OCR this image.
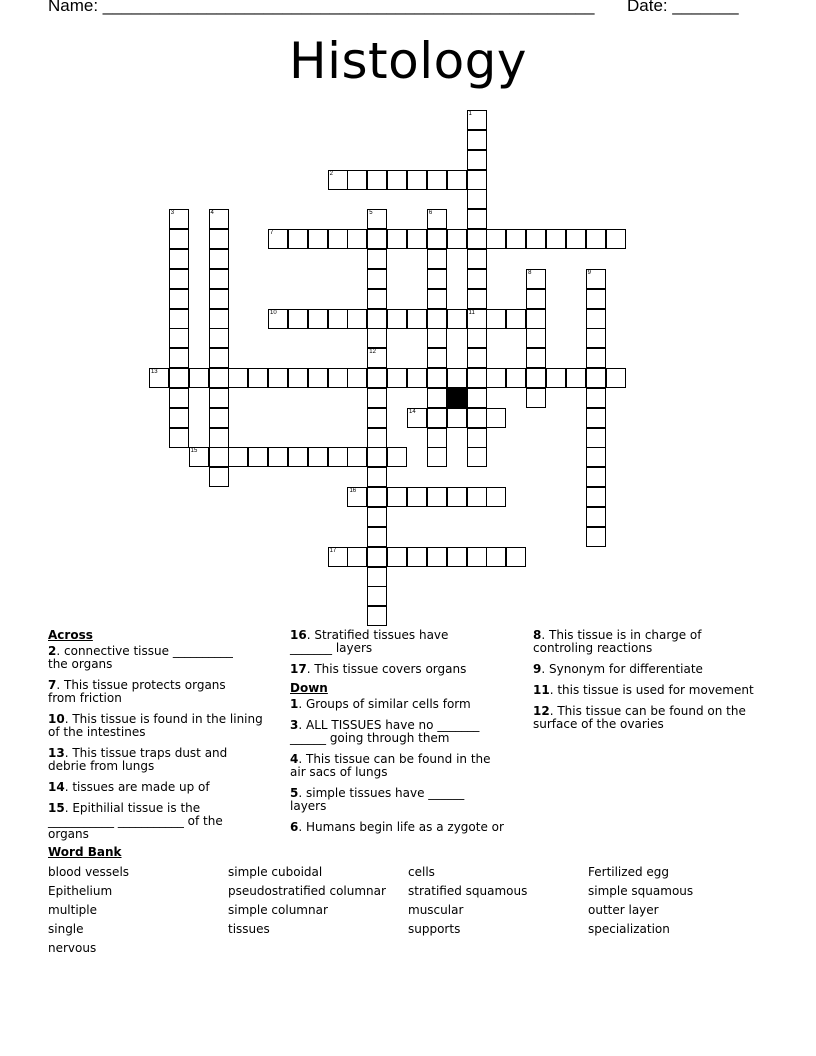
Name: ____________________________________________________ Date: _______
Histology
1
2
3	4	5	6
7
8	9
10	11
12
13
14
15
16
17
Across
2. connective tissue __________
the organs
7. This tissue protects organs
from friction
10. This tissue is found in the lining
of the intestines
13. This tissue traps dust and
debrie from lungs
14. tissues are made up of
15. Epithilial tissue is the
___________ ___________ of the
organs
16. Stratified tissues have
_______ layers
17. This tissue covers organs
Down
1. Groups of similar cells form
3. ALL TISSUES have no _______
______ going through them
4. This tissue can be found in the
air sacs of lungs
5. simple tissues have ______
layers
6. Humans begin life as a zygote or
8. This tissue is in charge of
controling reactions
9. Synonym for differentiate
11. this tissue is used for movement
12. This tissue can be found on the
surface of the ovaries
Word Bank
blood vessels
Epithelium
multiple
single
nervous
simple cuboidal
pseudostratified columnar
simple columnar
tissues
cells
stratified squamous
muscular
supports
Fertilized egg
simple squamous
outter layer
specialization
